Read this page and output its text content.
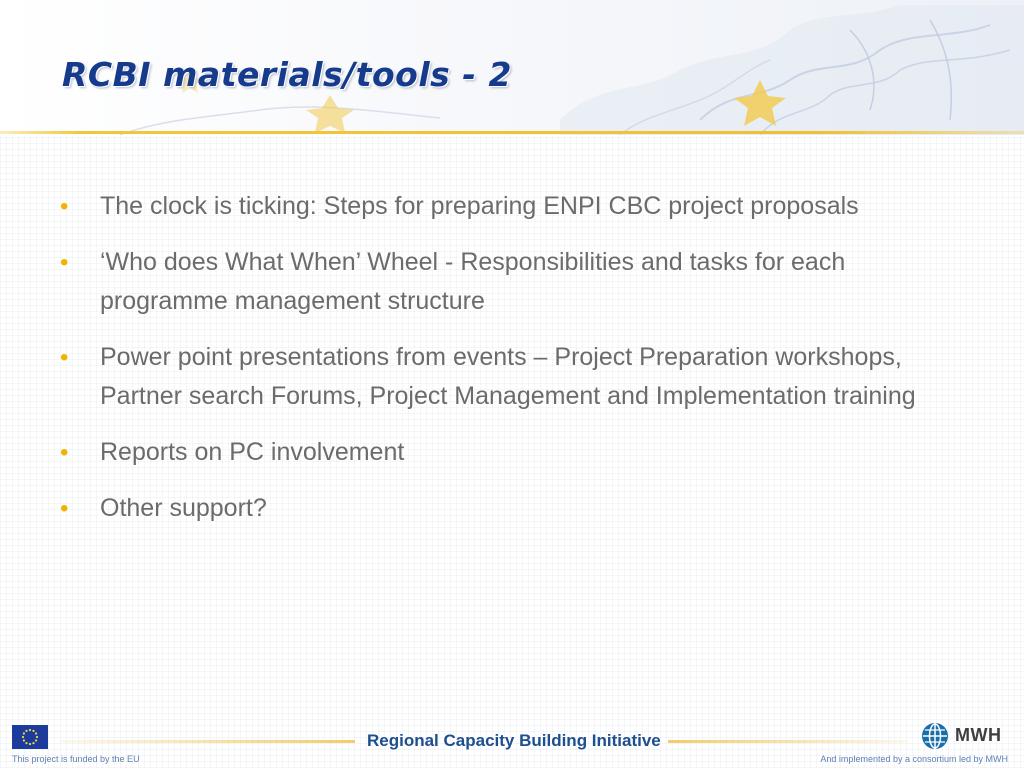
RCBI materials/tools - 2
• The clock is ticking: Steps for preparing ENPI CBC project proposals
• ‘Who does What When’ Wheel - Responsibilities and tasks for each programme management structure
• Power point presentations from events – Project Preparation workshops, Partner search Forums, Project Management and Implementation training
• Reports on PC involvement
• Other support?
This project is funded by the EU
Regional Capacity Building Initiative	MWH
And implemented by a consortium led by MWH
